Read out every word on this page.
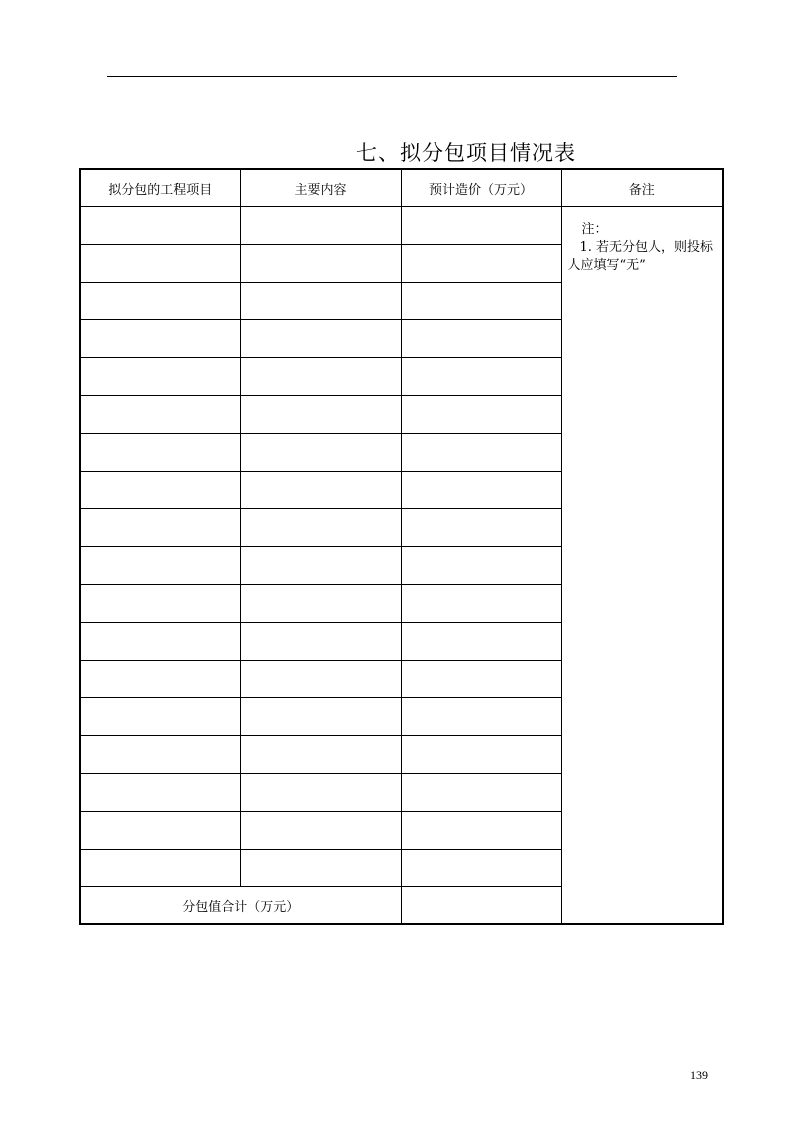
七、拟分包项目情况表
拟分包的工程项目	主要内容	预计造价（万元）	备注

			注：
1. 若无分包人，则投标人应填写“无”

分包值合计（万元）			
139
